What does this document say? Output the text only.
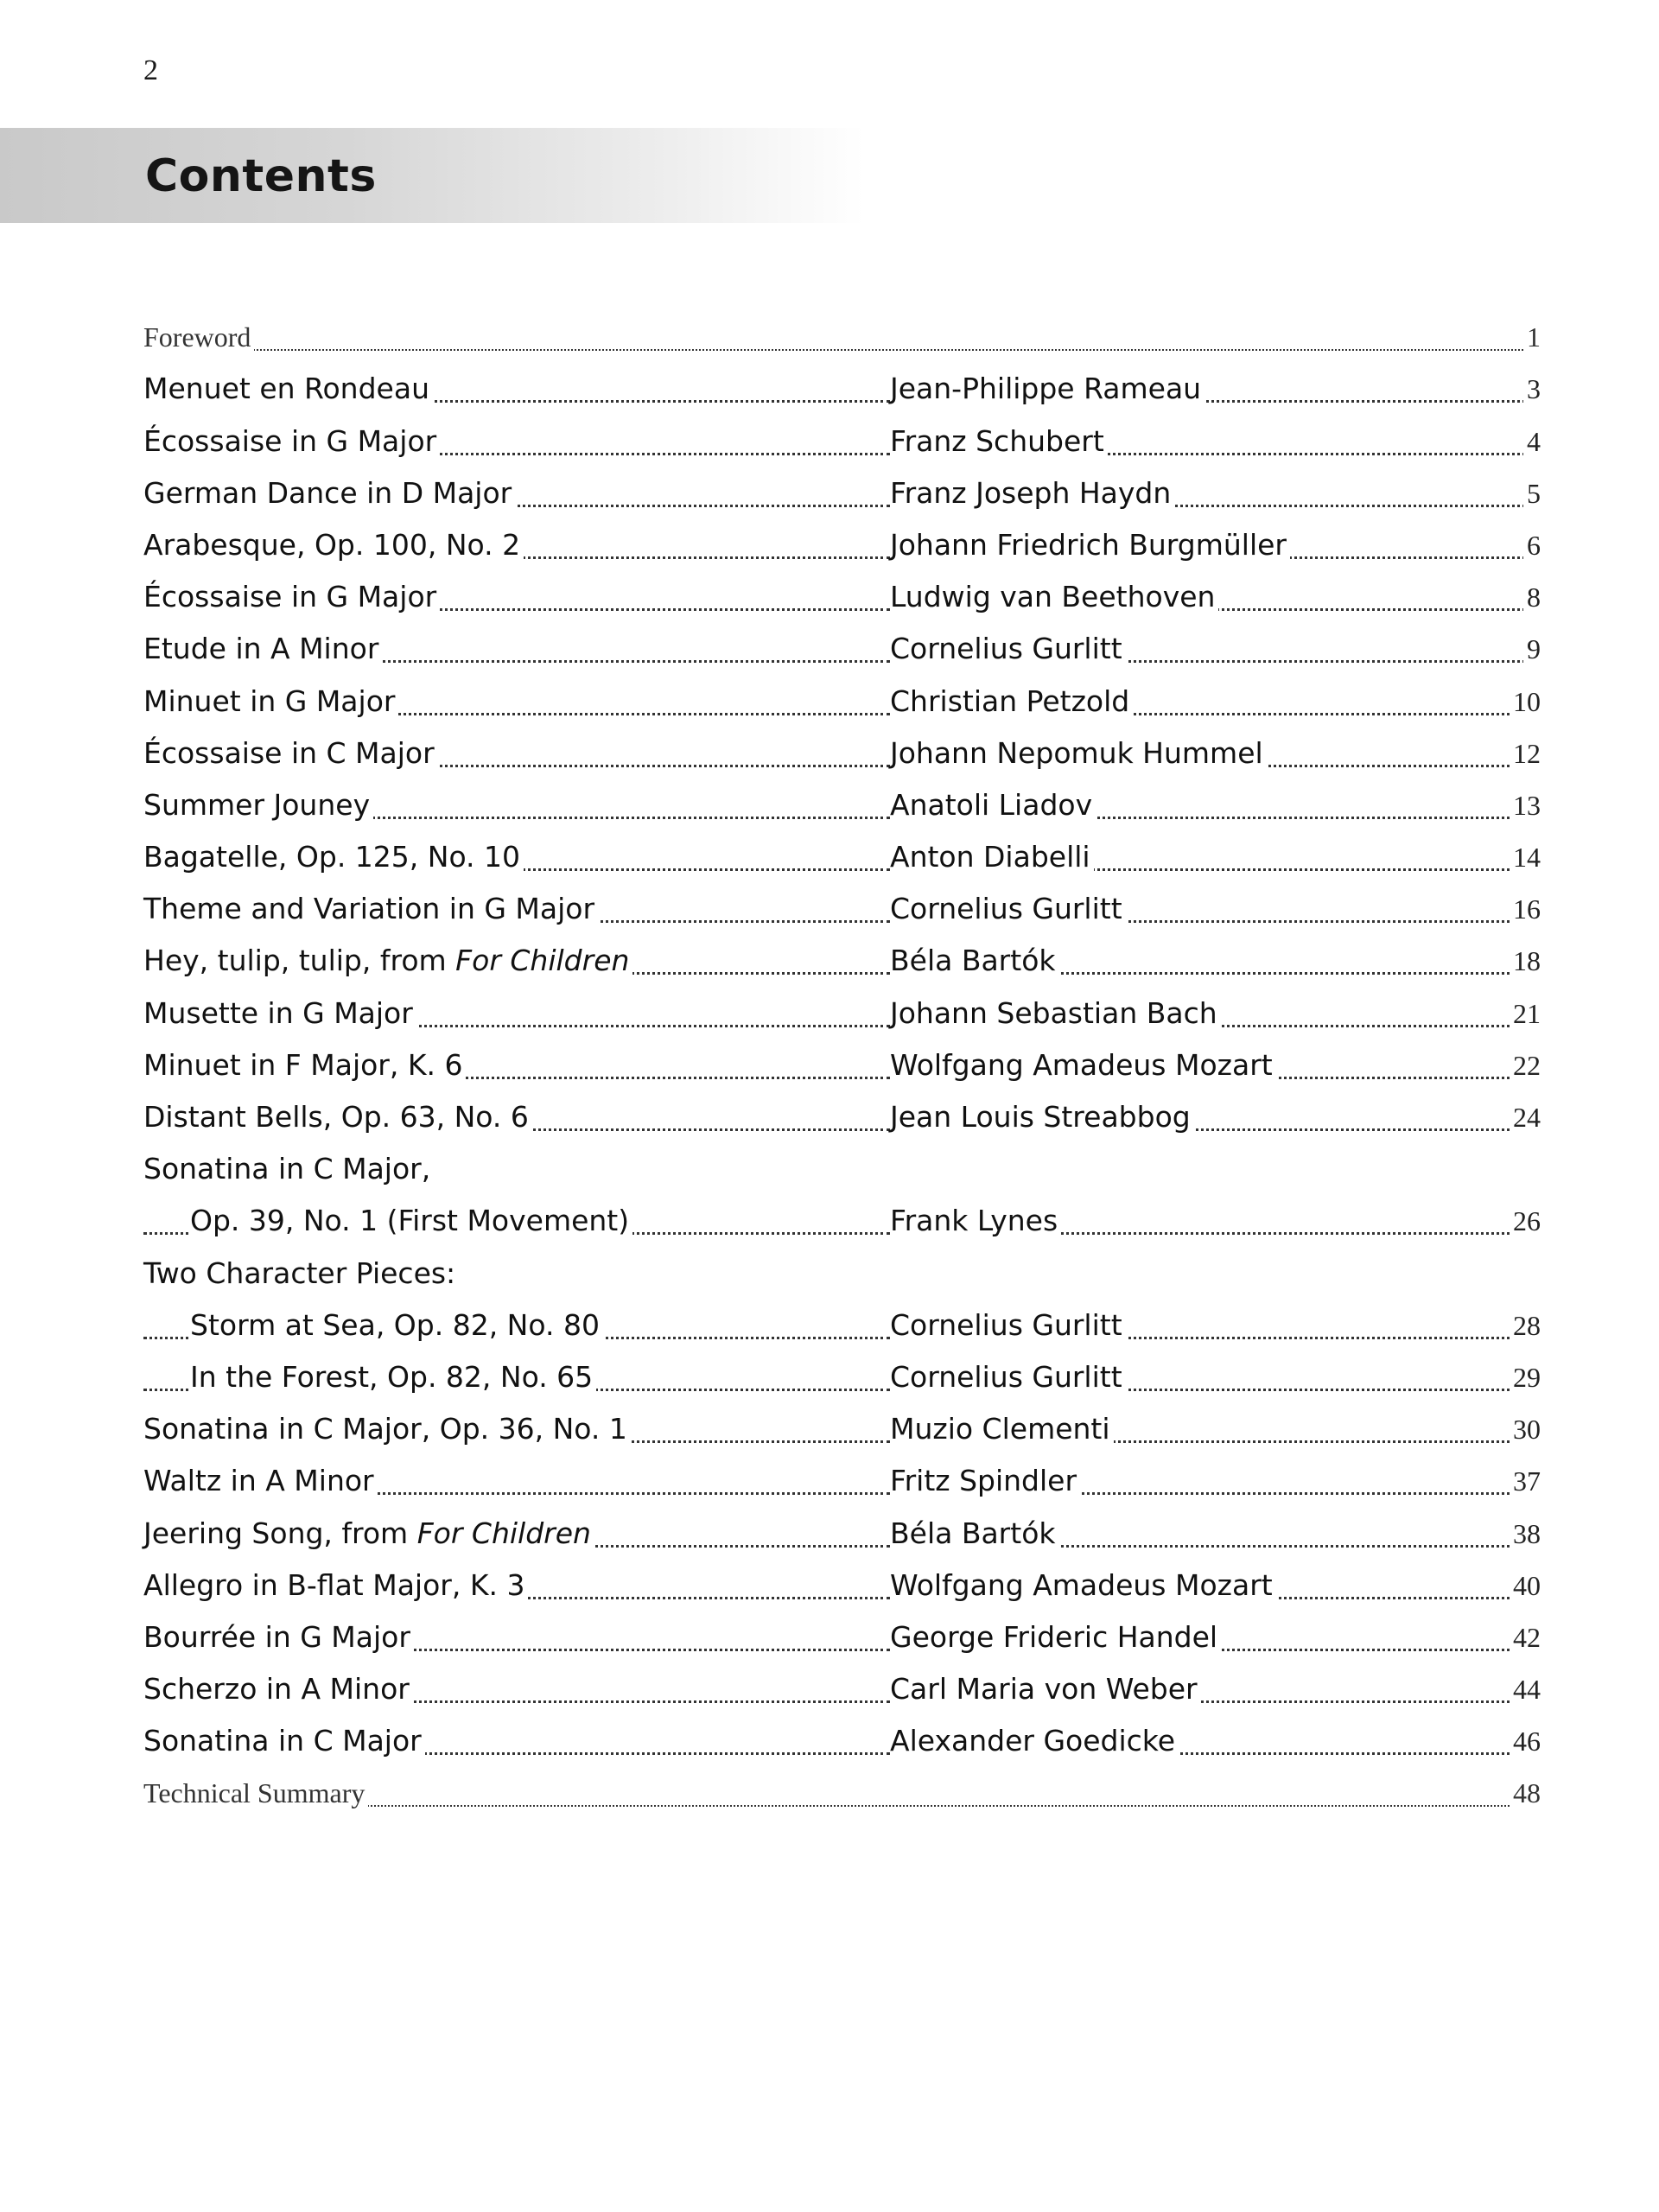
2
Contents
Foreword	1
Menuet en Rondeau	Jean-Philippe Rameau	3
Écossaise in G Major	Franz Schubert	4
German Dance in D Major	Franz Joseph Haydn	5
Arabesque, Op. 100, No. 2	Johann Friedrich Burgmüller	6
Écossaise in G Major	Ludwig van Beethoven	8
Etude in A Minor	Cornelius Gurlitt	9
Minuet in G Major	Christian Petzold	10
Écossaise in C Major	Johann Nepomuk Hummel	12
Summer Jouney	Anatoli Liadov	13
Bagatelle, Op. 125, No. 10	Anton Diabelli	14
Theme and Variation in G Major	Cornelius Gurlitt	16
Hey, tulip, tulip, from For Children	Béla Bartók	18
Musette in G Major	Johann Sebastian Bach	21
Minuet in F Major, K. 6	Wolfgang Amadeus Mozart	22
Distant Bells, Op. 63, No. 6	Jean Louis Streabbog	24
Sonatina in C Major,
Op. 39, No. 1 (First Movement)	Frank Lynes	26
Two Character Pieces:
Storm at Sea, Op. 82, No. 80	Cornelius Gurlitt	28
In the Forest, Op. 82, No. 65	Cornelius Gurlitt	29
Sonatina in C Major, Op. 36, No. 1	Muzio Clementi	30
Waltz in A Minor	Fritz Spindler	37
Jeering Song, from For Children	Béla Bartók	38
Allegro in B-flat Major, K. 3	Wolfgang Amadeus Mozart	40
Bourrée in G Major	George Frideric Handel	42
Scherzo in A Minor	Carl Maria von Weber	44
Sonatina in C Major	Alexander Goedicke	46
Technical Summary	48
